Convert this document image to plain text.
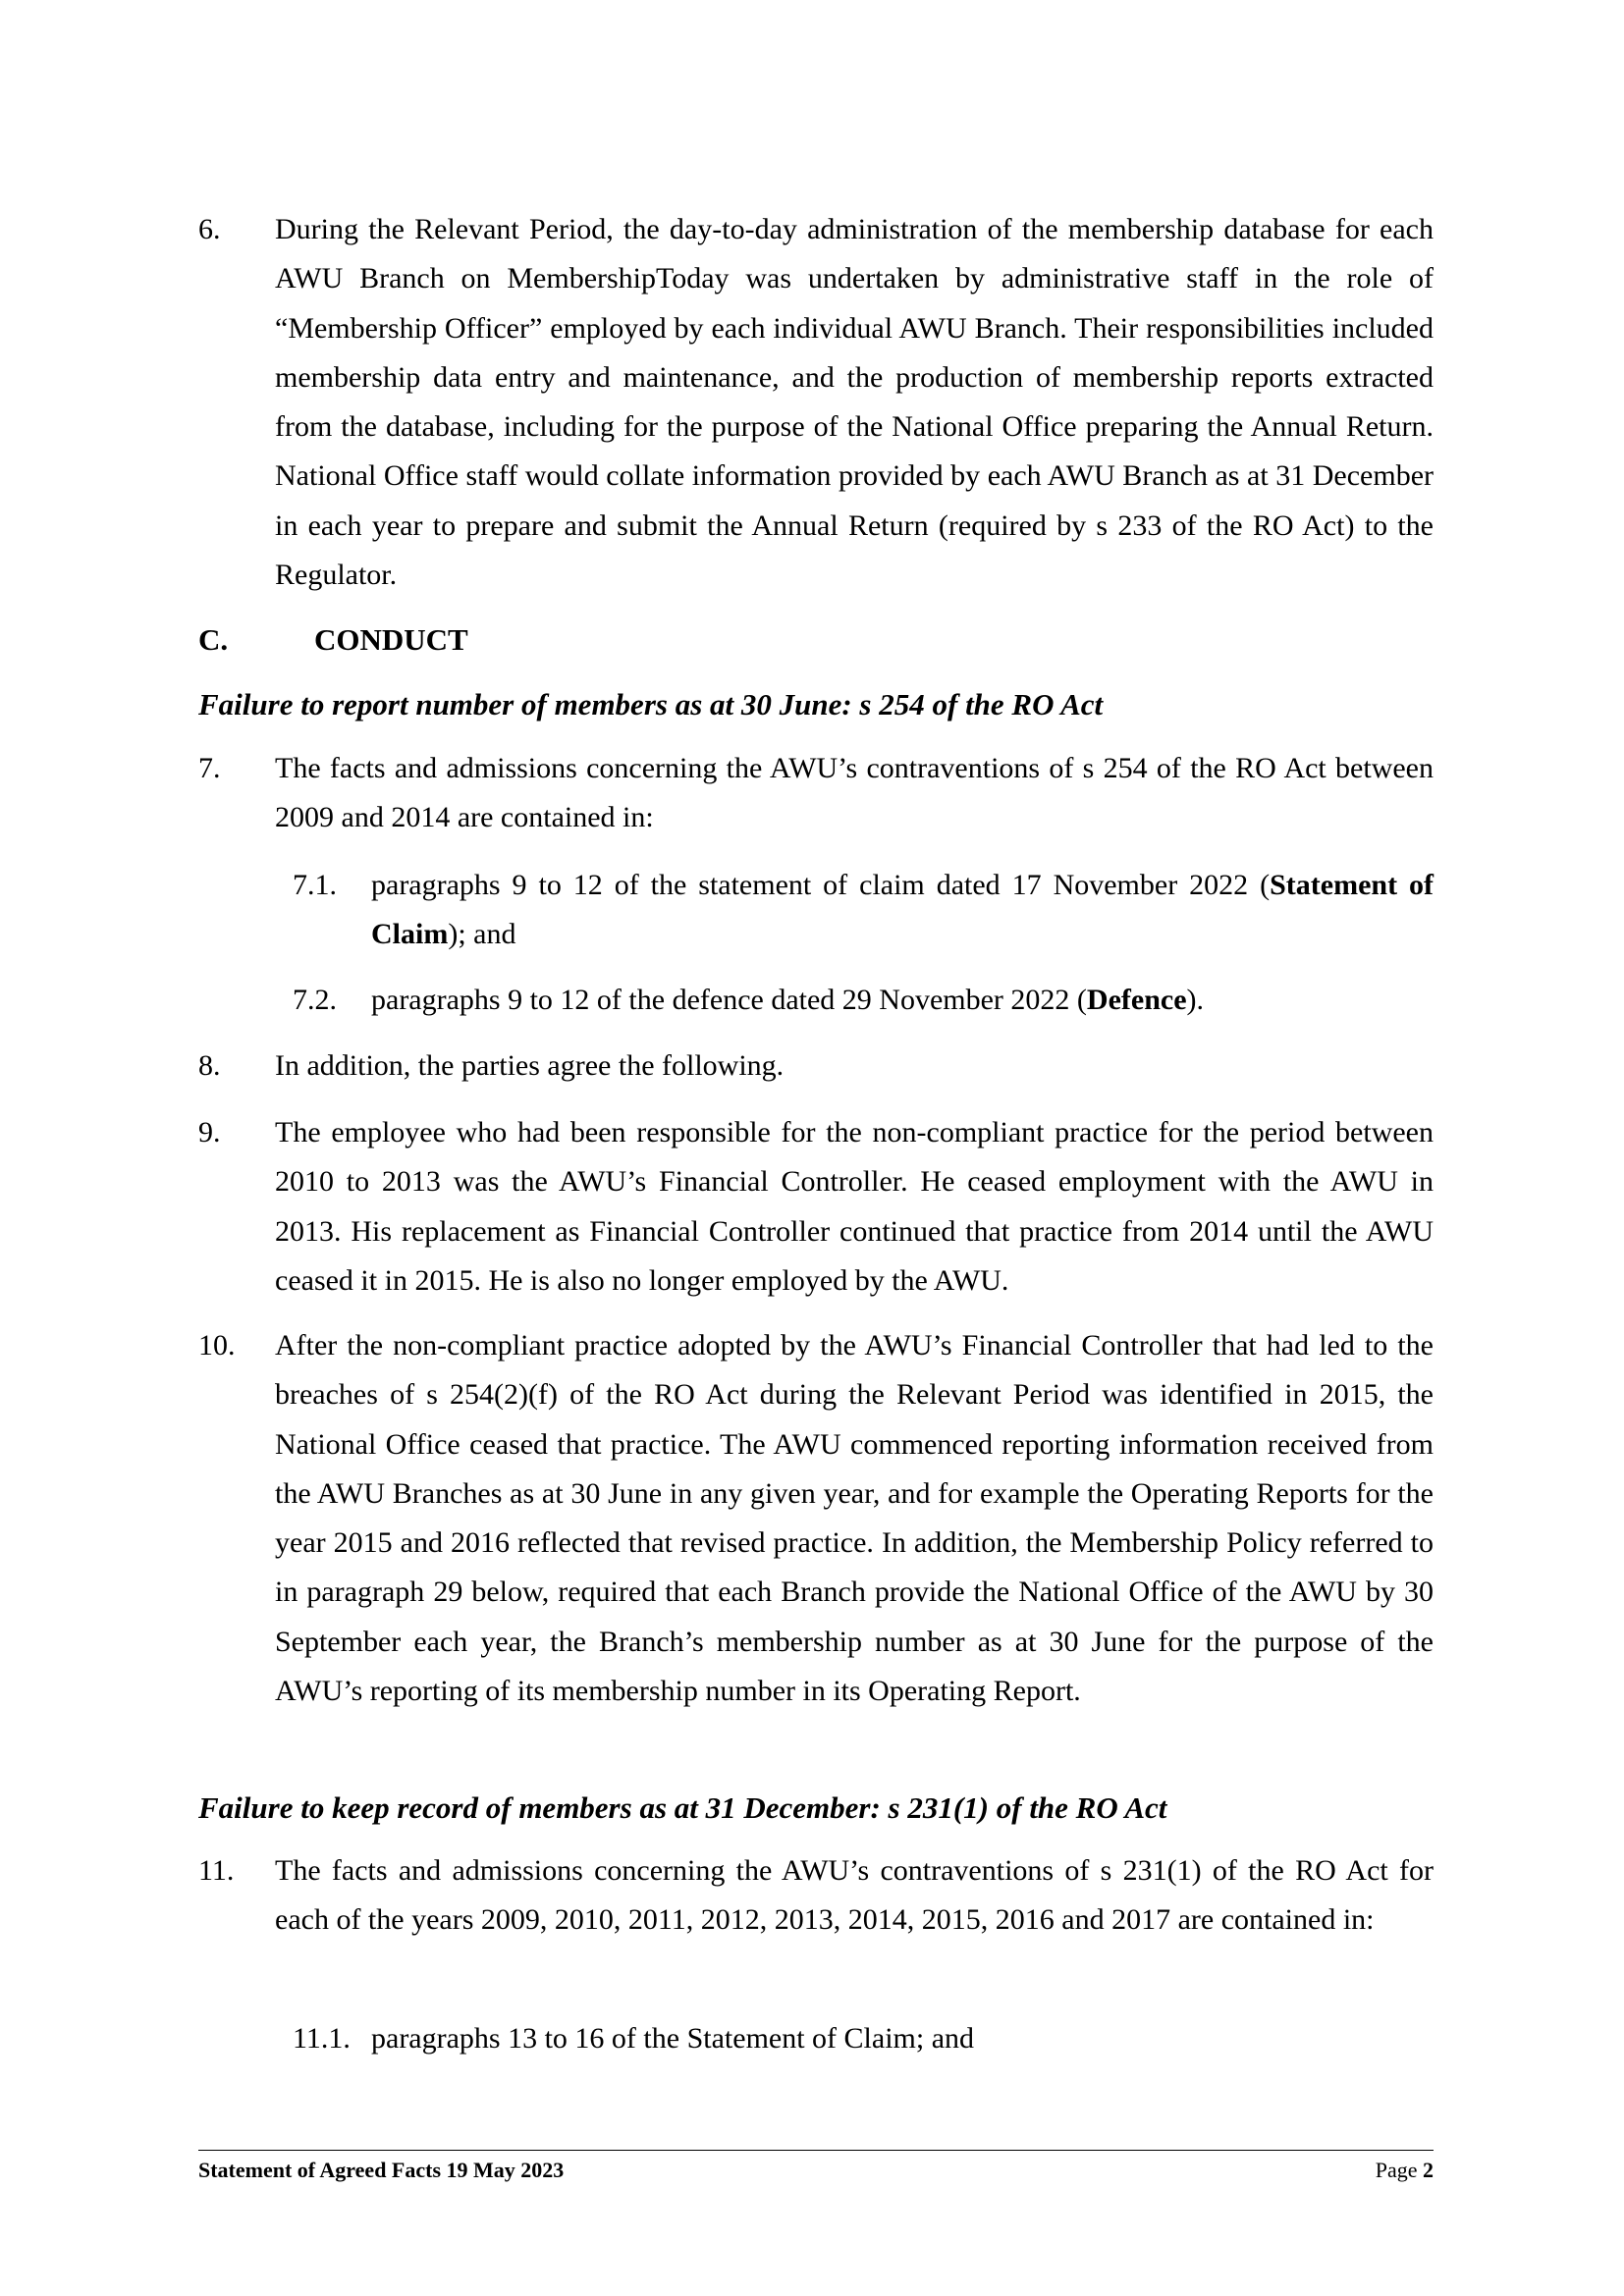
6. During the Relevant Period, the day-to-day administration of the membership database for each AWU Branch on MembershipToday was undertaken by administrative staff in the role of “Membership Officer” employed by each individual AWU Branch. Their responsibilities included membership data entry and maintenance, and the production of membership reports extracted from the database, including for the purpose of the National Office preparing the Annual Return. National Office staff would collate information provided by each AWU Branch as at 31 December in each year to prepare and submit the Annual Return (required by s 233 of the RO Act) to the Regulator.

C.	CONDUCT

Failure to report number of members as at 30 June: s 254 of the RO Act

7. The facts and admissions concerning the AWU’s contraventions of s 254 of the RO Act between 2009 and 2014 are contained in:

7.1. paragraphs 9 to 12 of the statement of claim dated 17 November 2022 (Statement of Claim); and

7.2. paragraphs 9 to 12 of the defence dated 29 November 2022 (Defence).

8. In addition, the parties agree the following.

9. The employee who had been responsible for the non-compliant practice for the period between 2010 to 2013 was the AWU’s Financial Controller. He ceased employment with the AWU in 2013. His replacement as Financial Controller continued that practice from 2014 until the AWU ceased it in 2015. He is also no longer employed by the AWU.

10. After the non-compliant practice adopted by the AWU’s Financial Controller that had led to the breaches of s 254(2)(f) of the RO Act during the Relevant Period was identified in 2015, the National Office ceased that practice. The AWU commenced reporting information received from the AWU Branches as at 30 June in any given year, and for example the Operating Reports for the year 2015 and 2016 reflected that revised practice. In addition, the Membership Policy referred to in paragraph 29 below, required that each Branch provide the National Office of the AWU by 30 September each year, the Branch’s membership number as at 30 June for the purpose of the AWU’s reporting of its membership number in its Operating Report.

Failure to keep record of members as at 31 December: s 231(1) of the RO Act

11. The facts and admissions concerning the AWU’s contraventions of s 231(1) of the RO Act for each of the years 2009, 2010, 2011, 2012, 2013, 2014, 2015, 2016 and 2017 are contained in:

11.1. paragraphs 13 to 16 of the Statement of Claim; and

Statement of Agreed Facts 19 May 2023	Page 2
